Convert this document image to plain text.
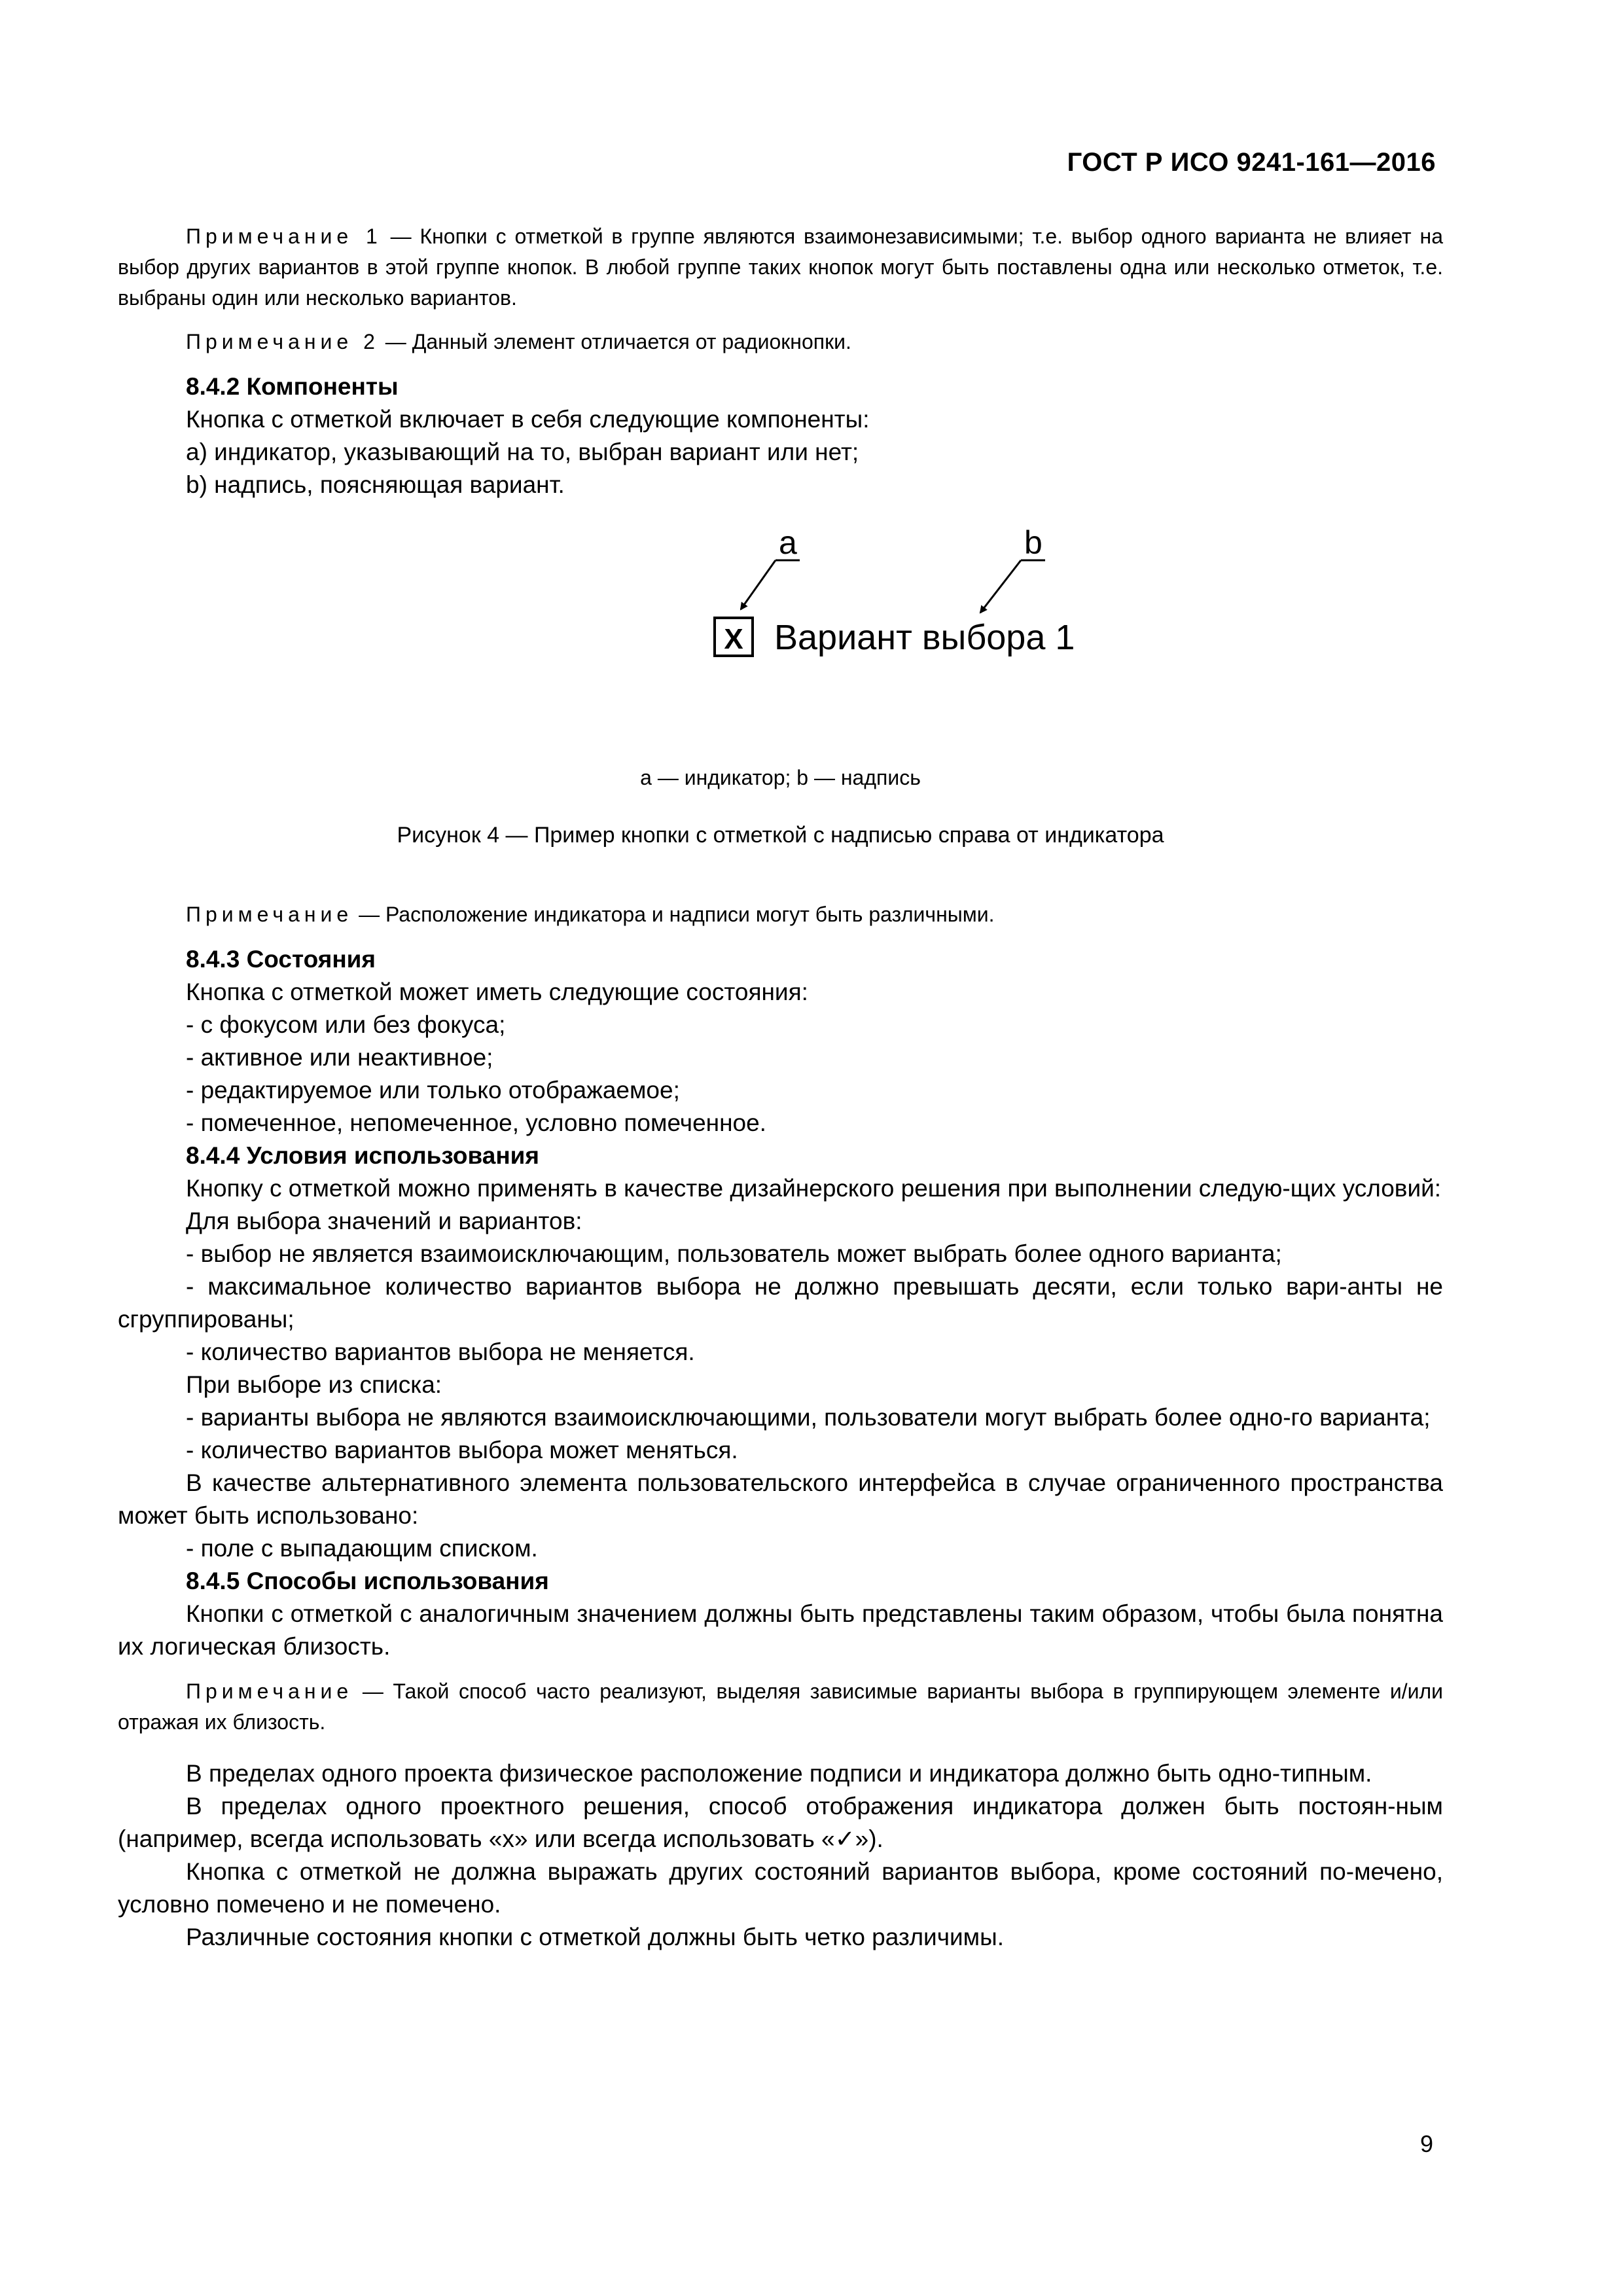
ГОСТ Р ИСО 9241-161—2016

Примечание 1 — Кнопки с отметкой в группе являются взаимонезависимыми; т.е. выбор одного варианта не влияет на выбор других вариантов в этой группе кнопок. В любой группе таких кнопок могут быть поставлены одна или несколько отметок, т.е. выбраны один или несколько вариантов.

Примечание 2 — Данный элемент отличается от радиокнопки.

8.4.2 Компоненты

Кнопка с отметкой включает в себя следующие компоненты:

а) индикатор, указывающий на то, выбран вариант или нет;

b) надпись, поясняющая вариант.

a	b
X Вариант выбора 1

а — индикатор; b — надпись

Рисунок 4 — Пример кнопки с отметкой с надписью справа от индикатора

Примечание — Расположение индикатора и надписи могут быть различными.

8.4.3 Состояния

Кнопка с отметкой может иметь следующие состояния:

- с фокусом или без фокуса;

- активное или неактивное;

- редактируемое или только отображаемое;

- помеченное, непомеченное, условно помеченное.

8.4.4 Условия использования

Кнопку с отметкой можно применять в качестве дизайнерского решения при выполнении следую-щих условий:

Для выбора значений и вариантов:

- выбор не является взаимоисключающим, пользователь может выбрать более одного варианта;

- максимальное количество вариантов выбора не должно превышать десяти, если только вари-анты не сгруппированы;

- количество вариантов выбора не меняется.

При выборе из списка:

- варианты выбора не являются взаимоисключающими, пользователи могут выбрать более одно-го варианта;

- количество вариантов выбора может меняться.

В качестве альтернативного элемента пользовательского интерфейса в случае ограниченного пространства может быть использовано:

- поле с выпадающим списком.

8.4.5 Способы использования

Кнопки с отметкой с аналогичным значением должны быть представлены таким образом, чтобы была понятна их логическая близость.

Примечание — Такой способ часто реализуют, выделяя зависимые варианты выбора в группирующем элементе и/или отражая их близость.

В пределах одного проекта физическое расположение подписи и индикатора должно быть одно-типным.

В пределах одного проектного решения, способ отображения индикатора должен быть постоян-ным (например, всегда использовать «х» или всегда использовать «✓»).

Кнопка с отметкой не должна выражать других состояний вариантов выбора, кроме состояний по-мечено, условно помечено и не помечено.

Различные состояния кнопки с отметкой должны быть четко различимы.

9
